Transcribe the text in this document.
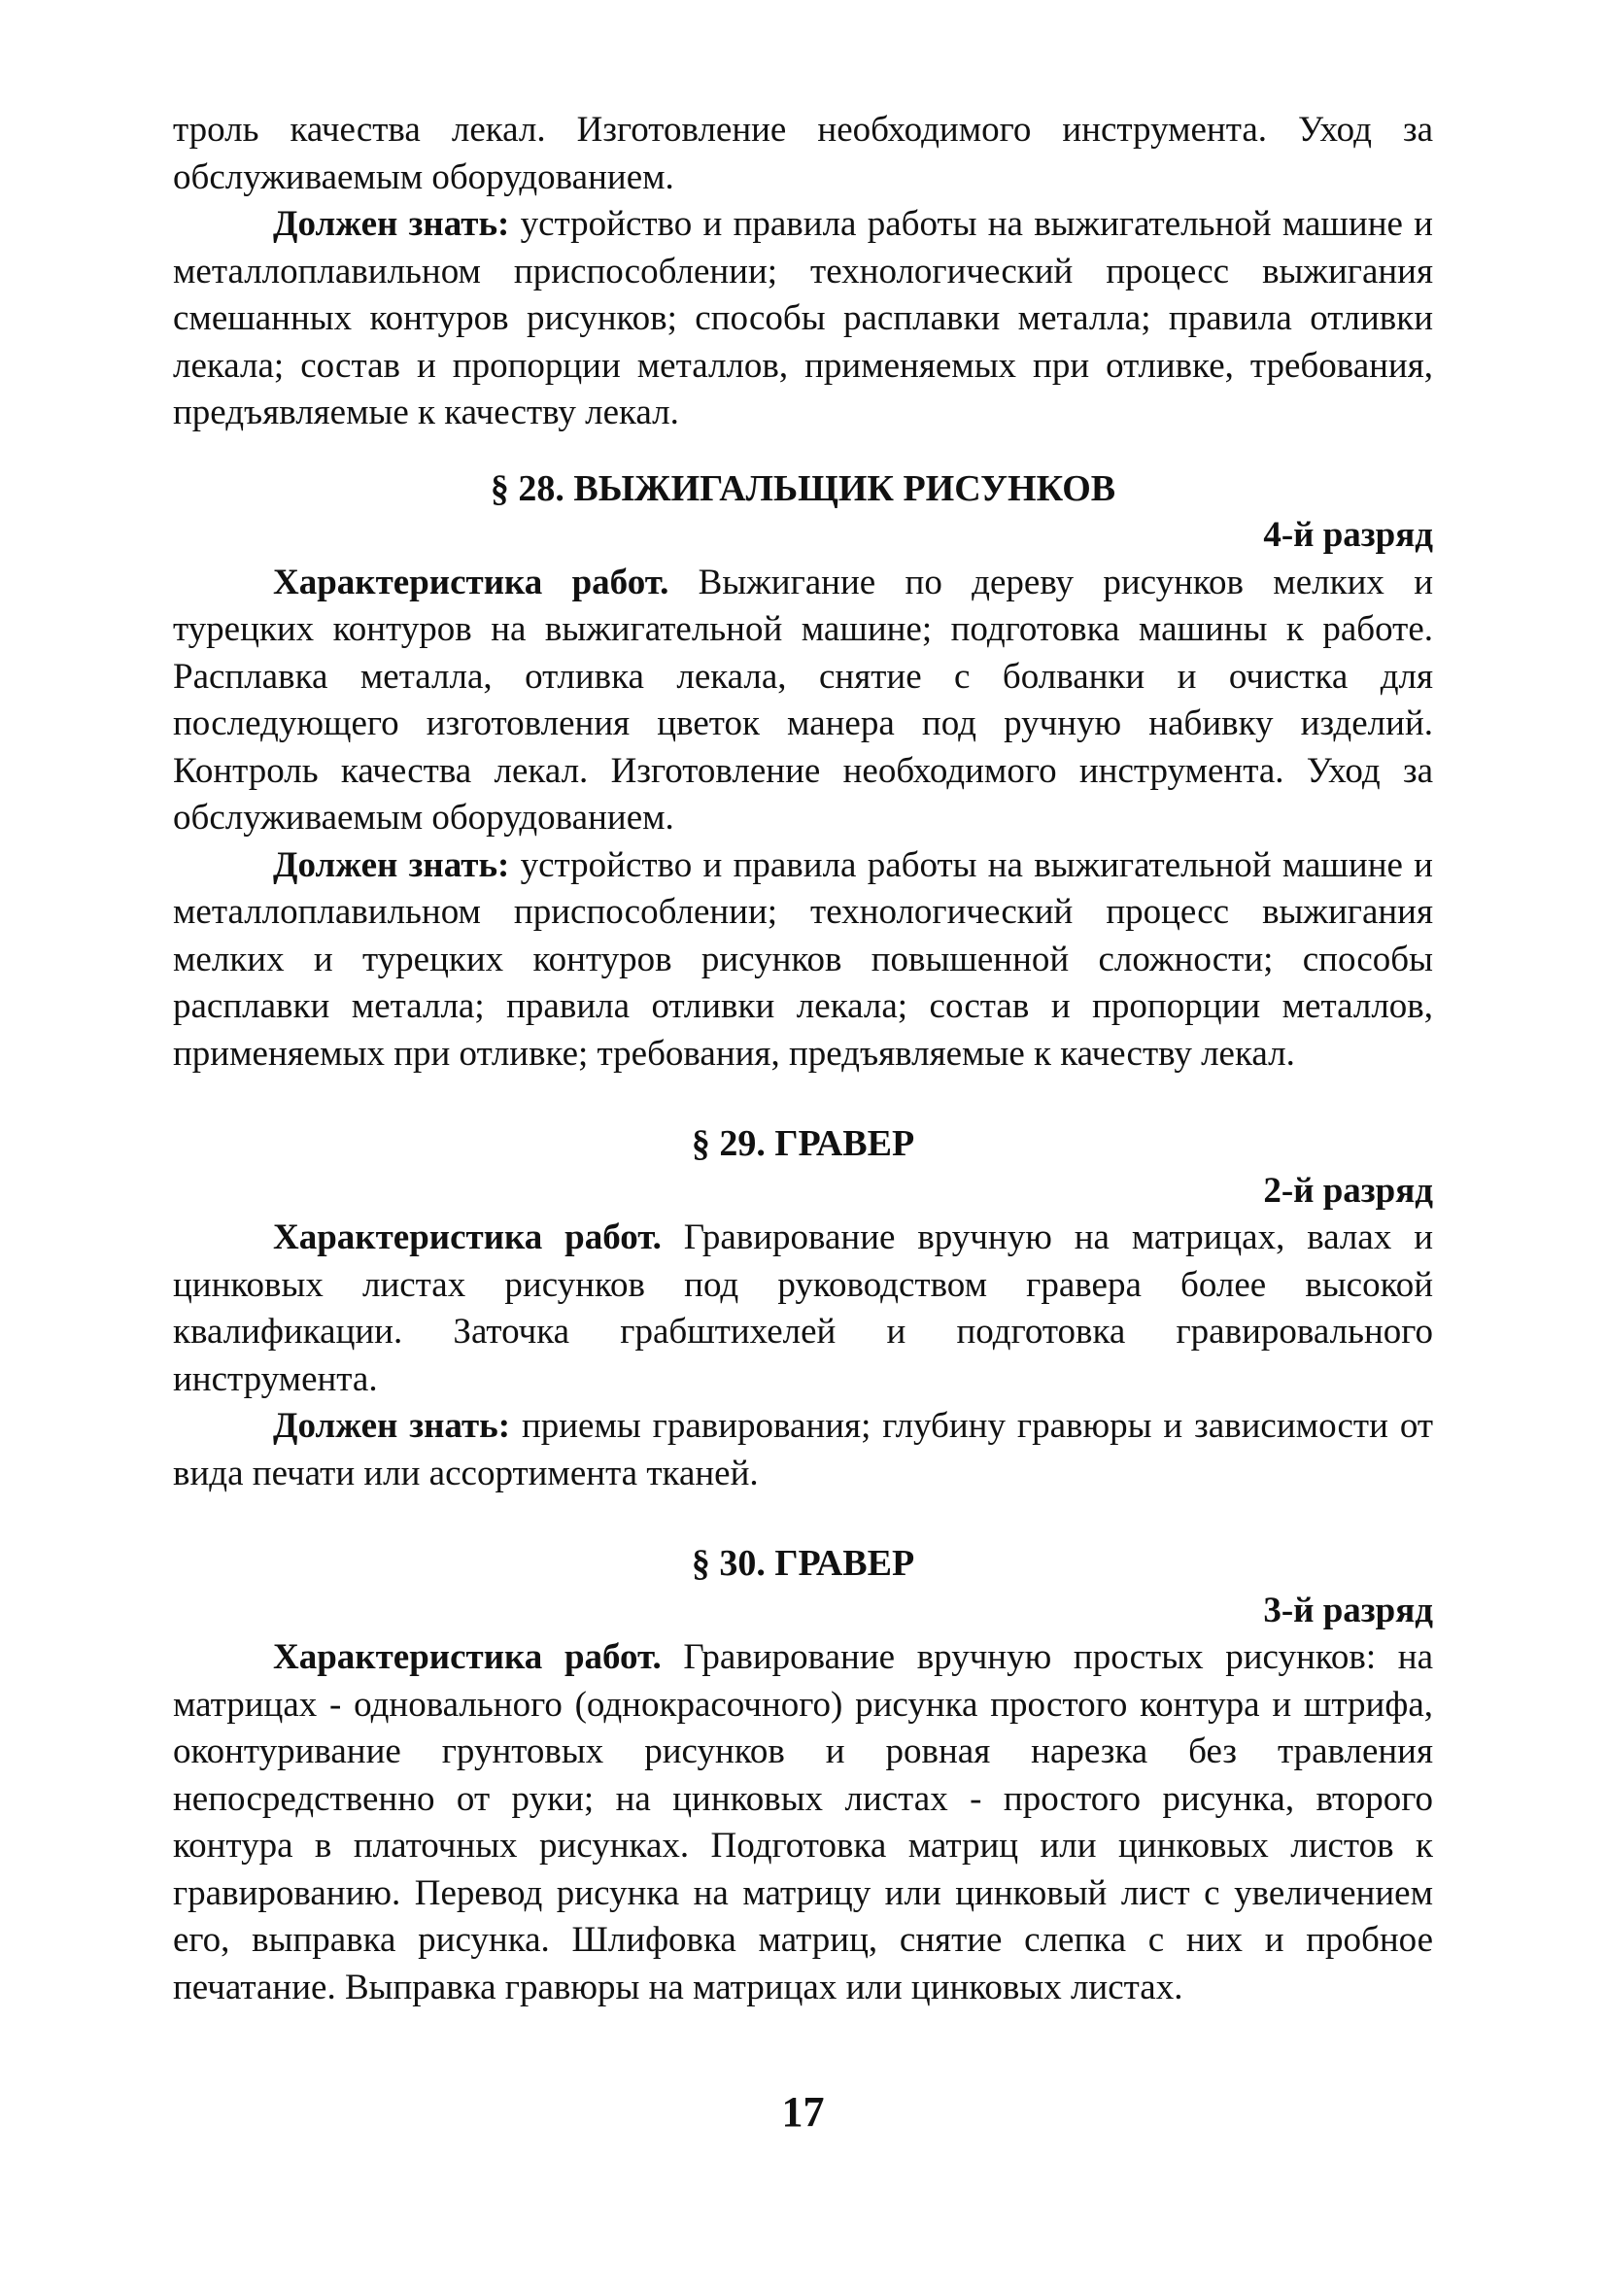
троль качества лекал. Изготовление необходимого инструмента. Уход за обслуживаемым оборудованием.

Должен знать: устройство и правила работы на выжигательной машине и металлоплавильном приспособлении; технологический процесс выжигания смешанных контуров рисунков; способы расплавки металла; правила отливки лекала; состав и пропорции металлов, применяемых при отливке, требования, предъявляемые к качеству лекал.

§ 28. ВЫЖИГАЛЬЩИК РИСУНКОВ

4-й разряд

Характеристика работ. Выжигание по дереву рисунков мелких и турецких контуров на выжигательной машине; подготовка машины к работе. Расплавка металла, отливка лекала, снятие с болванки и очистка для последующего изготовления цветок манера под ручную набивку изделий. Контроль качества лекал. Изготовление необходимого инструмента. Уход за обслуживаемым оборудованием.

Должен знать: устройство и правила работы на выжигательной машине и металлоплавильном приспособлении; технологический процесс выжигания мелких и турецких контуров рисунков повышенной сложности; способы расплавки металла; правила отливки лекала; состав и пропорции металлов, применяемых при отливке; требования, предъявляемые к качеству лекал.

§ 29. ГРАВЕР

2-й разряд

Характеристика работ. Гравирование вручную на матрицах, валах и цинковых листах рисунков под руководством гравера более высокой квалификации. Заточка грабштихелей и подготовка гравировального инструмента.

Должен знать: приемы гравирования; глубину гравюры и зависимости от вида печати или ассортимента тканей.

§ 30. ГРАВЕР

3-й разряд

Характеристика работ. Гравирование вручную простых рисунков: на матрицах - одновального (однокрасочного) рисунка простого контура и штрифа, оконтуривание грунтовых рисунков и ровная нарезка без травления непосредственно от руки; на цинковых листах - простого рисунка, второго контура в платочных рисунках. Подготовка матриц или цинковых листов к гравированию. Перевод рисунка на матрицу или цинковый лист с увеличением его, выправка рисунка. Шлифовка матриц, снятие слепка с них и пробное печатание. Выправка гравюры на матрицах или цинковых листах.

17
